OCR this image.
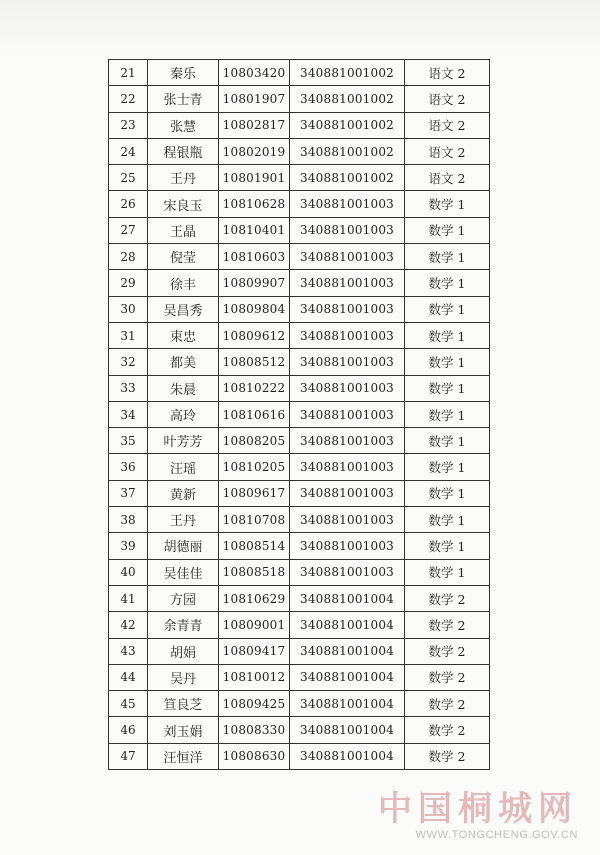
21	秦乐	10803420	340881001002	语文 2
22	张士青	10801907	340881001002	语文 2
23	张慧	10802817	340881001002	语文 2
24	程银瓶	10802019	340881001002	语文 2
25	王丹	10801901	340881001002	语文 2
26	宋良玉	10810628	340881001003	数学 1
27	王晶	10810401	340881001003	数学 1
28	倪莹	10810603	340881001003	数学 1
29	徐丰	10809907	340881001003	数学 1
30	吴昌秀	10809804	340881001003	数学 1
31	束忠	10809612	340881001003	数学 1
32	都美	10808512	340881001003	数学 1
33	朱晨	10810222	340881001003	数学 1
34	高玲	10810616	340881001003	数学 1
35	叶芳芳	10808205	340881001003	数学 1
36	汪瑶	10810205	340881001003	数学 1
37	黄新	10809617	340881001003	数学 1
38	王丹	10810708	340881001003	数学 1
39	胡德丽	10808514	340881001003	数学 1
40	吴佳佳	10808518	340881001003	数学 1
41	方园	10810629	340881001004	数学 2
42	余青青	10809001	340881001004	数学 2
43	胡娟	10809417	340881001004	数学 2
44	吴丹	10810012	340881001004	数学 2
45	笪良芝	10809425	340881001004	数学 2
46	刘玉娟	10808330	340881001004	数学 2
47	汪恒洋	10808630	340881001004	数学 2
中国桐城网
WWW.TONGCHENG.GOV.CN
